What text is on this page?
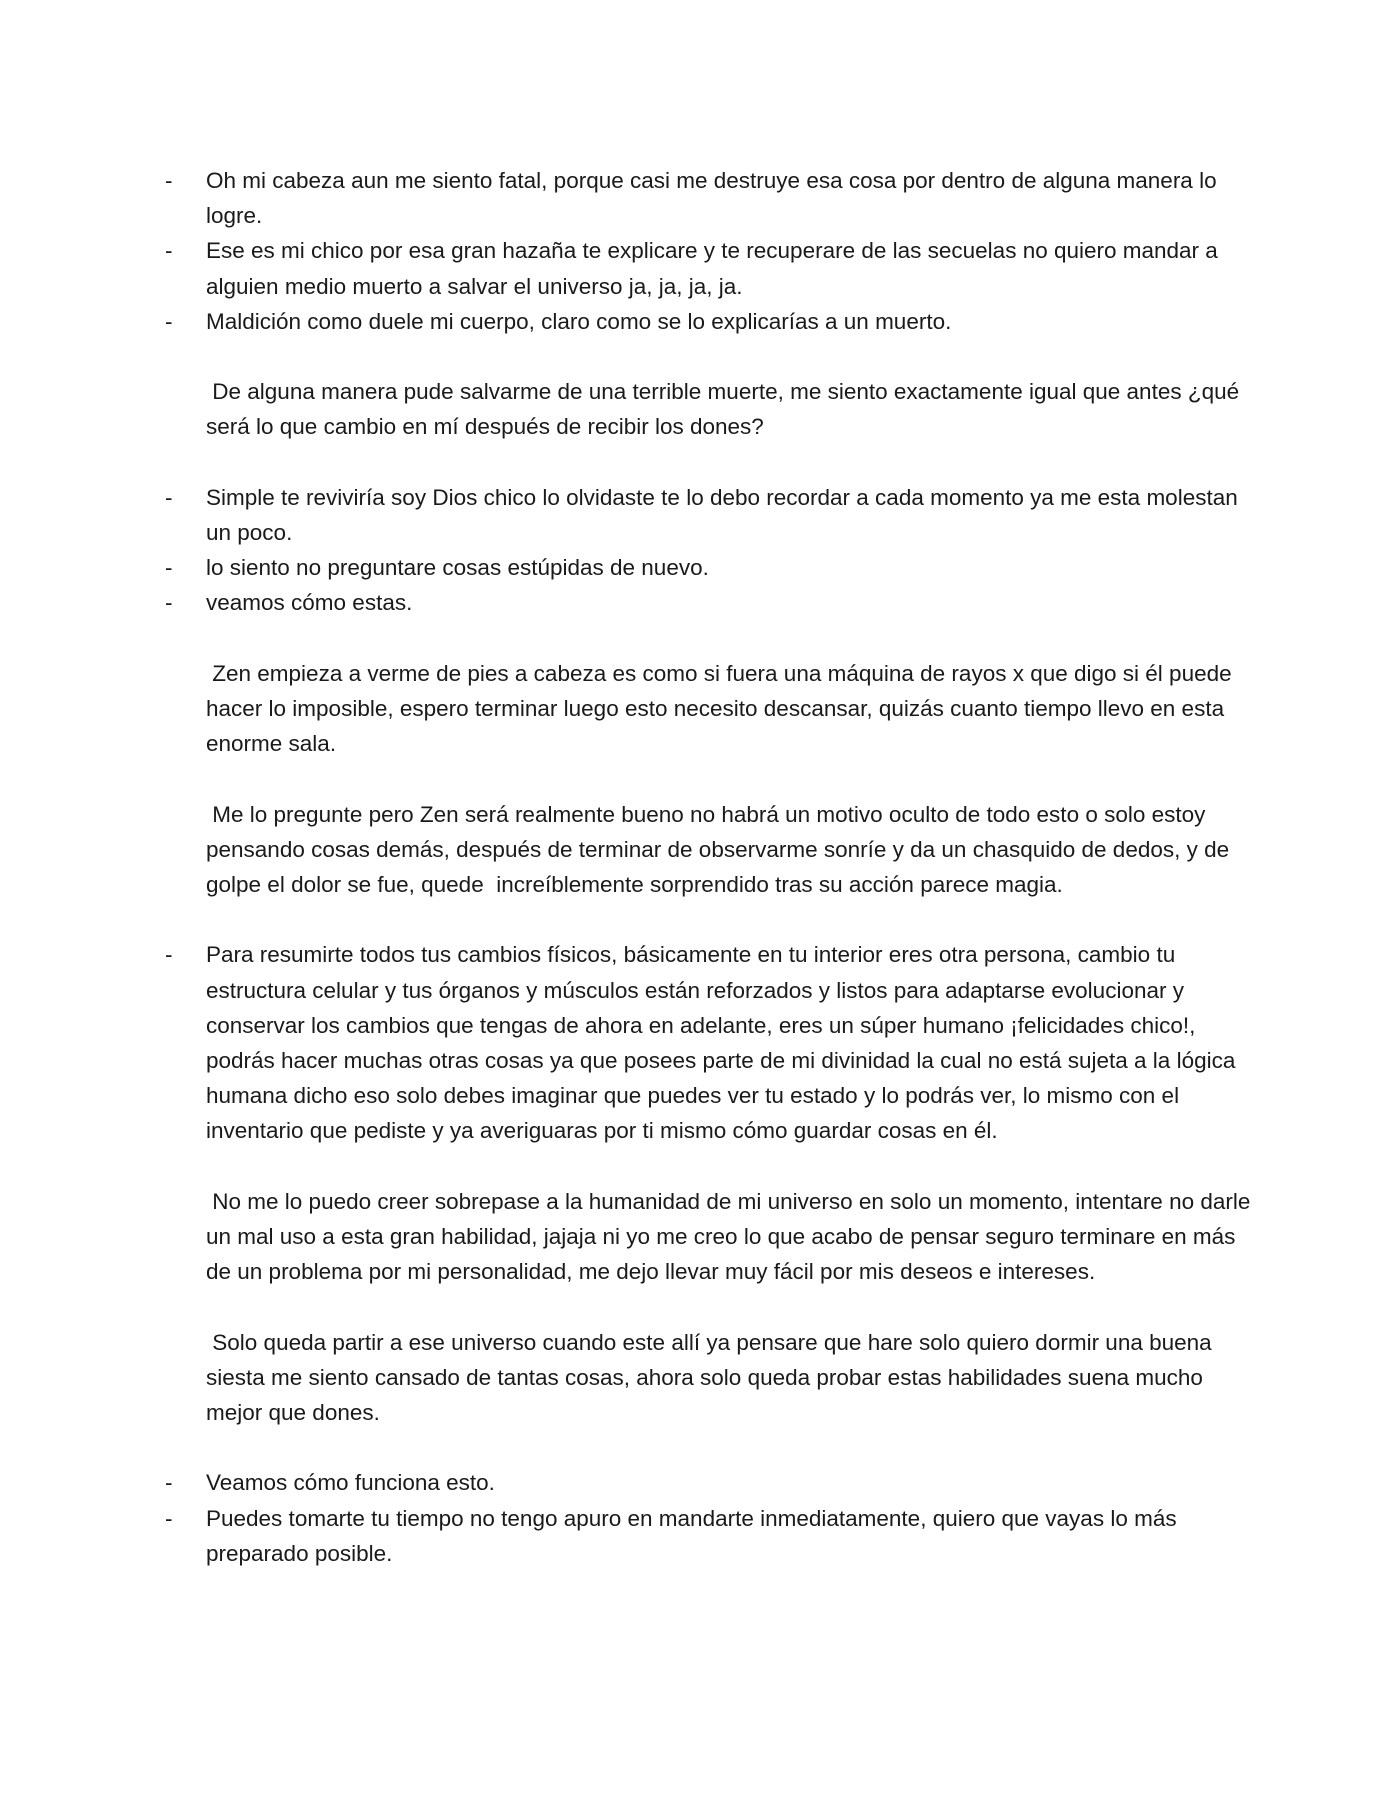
- Oh mi cabeza aun me siento fatal, porque casi me destruye esa cosa por dentro de alguna manera lo logre.
- Ese es mi chico por esa gran hazaña te explicare y te recuperare de las secuelas no quiero mandar a alguien medio muerto a salvar el universo ja, ja, ja, ja.
- Maldición como duele mi cuerpo, claro como se lo explicarías a un muerto.
De alguna manera pude salvarme de una terrible muerte, me siento exactamente igual que antes ¿qué será lo que cambio en mí después de recibir los dones?
- Simple te reviviría soy Dios chico lo olvidaste te lo debo recordar a cada momento ya me esta molestan un poco.
- lo siento no preguntare cosas estúpidas de nuevo.
- veamos cómo estas.
Zen empieza a verme de pies a cabeza es como si fuera una máquina de rayos x que digo si él puede hacer lo imposible, espero terminar luego esto necesito descansar, quizás cuanto tiempo llevo en esta enorme sala.
Me lo pregunte pero Zen será realmente bueno no habrá un motivo oculto de todo esto o solo estoy pensando cosas demás, después de terminar de observarme sonríe y da un chasquido de dedos, y de golpe el dolor se fue, quede  increíblemente sorprendido tras su acción parece magia.
- Para resumirte todos tus cambios físicos, básicamente en tu interior eres otra persona, cambio tu estructura celular y tus órganos y músculos están reforzados y listos para adaptarse evolucionar y conservar los cambios que tengas de ahora en adelante, eres un súper humano ¡felicidades chico!, podrás hacer muchas otras cosas ya que posees parte de mi divinidad la cual no está sujeta a la lógica humana dicho eso solo debes imaginar que puedes ver tu estado y lo podrás ver, lo mismo con el inventario que pediste y ya averiguaras por ti mismo cómo guardar cosas en él.
No me lo puedo creer sobrepase a la humanidad de mi universo en solo un momento, intentare no darle un mal uso a esta gran habilidad, jajaja ni yo me creo lo que acabo de pensar seguro terminare en más de un problema por mi personalidad, me dejo llevar muy fácil por mis deseos e intereses.
Solo queda partir a ese universo cuando este allí ya pensare que hare solo quiero dormir una buena siesta me siento cansado de tantas cosas, ahora solo queda probar estas habilidades suena mucho mejor que dones.
- Veamos cómo funciona esto.
- Puedes tomarte tu tiempo no tengo apuro en mandarte inmediatamente, quiero que vayas lo más preparado posible.
